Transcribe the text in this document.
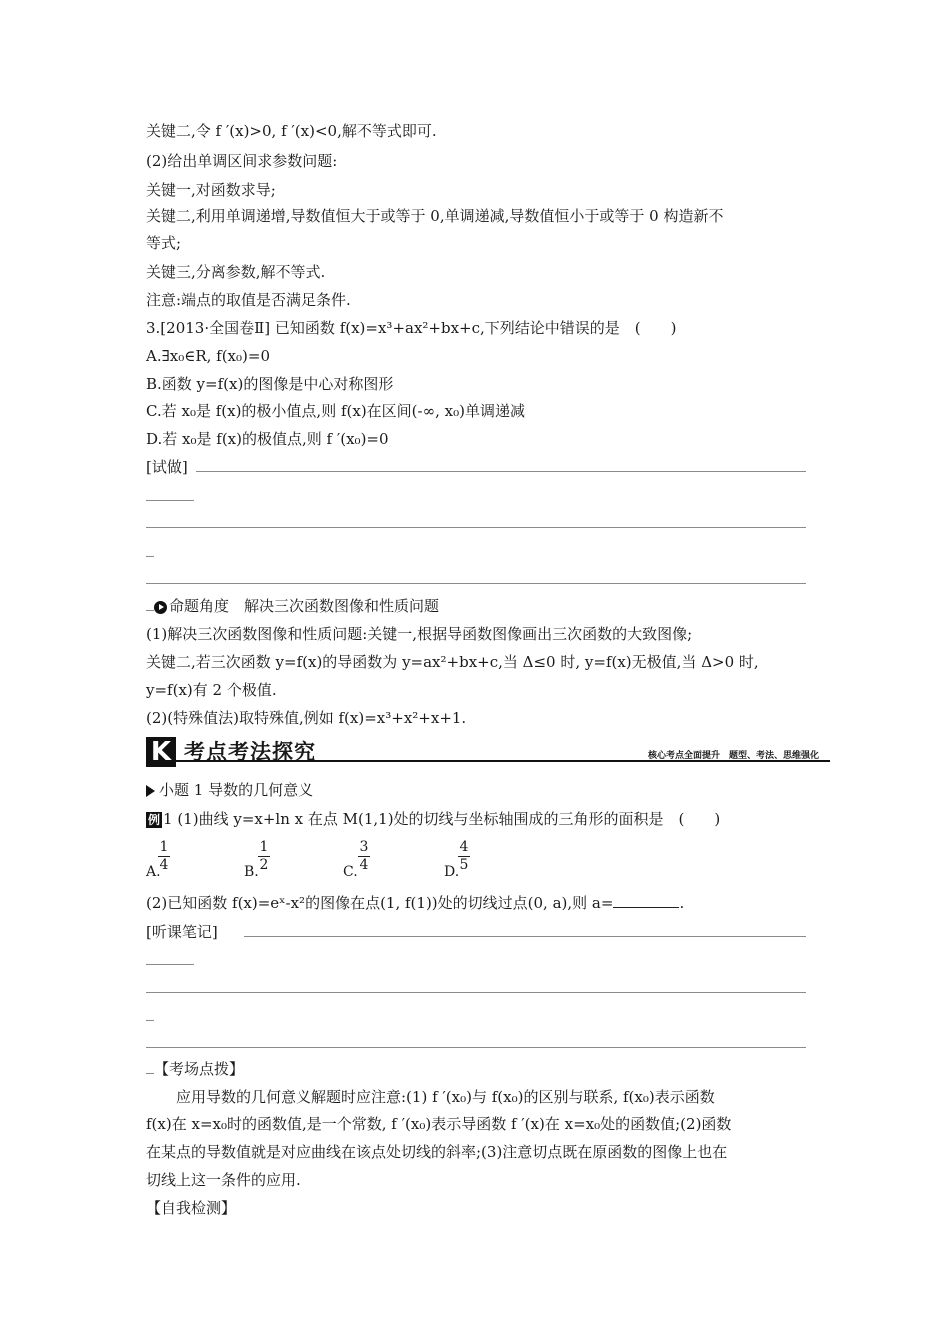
关键二,令 f ′(x)>0, f ′(x)<0,解不等式即可.
(2)给出单调区间求参数问题:
关键一,对函数求导;
关键二,利用单调递增,导数值恒大于或等于 0,单调递减,导数值恒小于或等于 0 构造新不
等式;
关键三,分离参数,解不等式.
注意:端点的取值是否满足条件.
3.[2013·全国卷Ⅱ] 已知函数 f(x)=x³+ax²+bx+c,下列结论中错误的是　(　　)
A.∃x₀∈R, f(x₀)=0
B.函数 y=f(x)的图像是中心对称图形
C.若 x₀是 f(x)的极小值点,则 f(x)在区间(-∞, x₀)单调递减
D.若 x₀是 f(x)的极值点,则 f ′(x₀)=0
[试做]
命题角度　解决三次函数图像和性质问题
(1)解决三次函数图像和性质问题:关键一,根据导函数图像画出三次函数的大致图像;
关键二,若三次函数 y=f(x)的导函数为 y=ax²+bx+c,当 Δ≤0 时, y=f(x)无极值,当 Δ>0 时,
y=f(x)有 2 个极值.
(2)(特殊值法)取特殊值,例如 f(x)=x³+x²+x+1.
K 考点考法探究	核心考点全面提升　题型、考法、思维强化
小题 1 导数的几何意义
例 1 (1)曲线 y=x+ln x 在点 M(1,1)处的切线与坐标轴围成的三角形的面积是　(　　)
A.
1
4	B.
1
2	C.
3
4	D.
4
5
(2)已知函数 f(x)=eˣ-x²的图像在点(1, f(1))处的切线过点(0, a),则 a=	.
[听课笔记]
【考场点拨】
应用导数的几何意义解题时应注意:(1) f ′(x₀)与 f(x₀)的区别与联系, f(x₀)表示函数
f(x)在 x=x₀时的函数值,是一个常数, f ′(x₀)表示导函数 f ′(x)在 x=x₀处的函数值;(2)函数
在某点的导数值就是对应曲线在该点处切线的斜率;(3)注意切点既在原函数的图像上也在
切线上这一条件的应用.
【自我检测】
